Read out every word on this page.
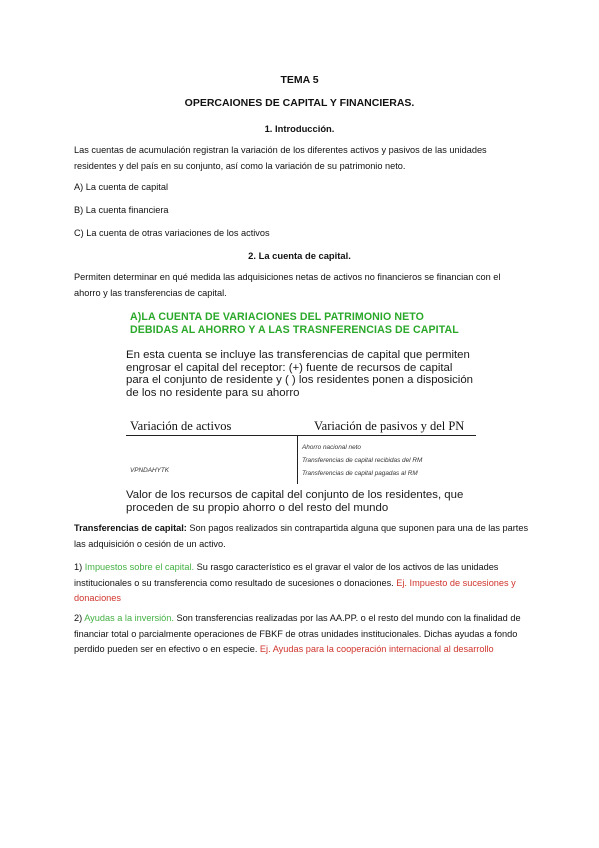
TEMA 5
OPERCAIONES DE CAPITAL Y FINANCIERAS.
1. Introducción.
Las cuentas de acumulación registran la variación de los diferentes activos y pasivos de las unidades residentes y del país en su conjunto, así como la variación de su patrimonio neto.
A) La cuenta de capital
B) La cuenta financiera
C) La cuenta de otras variaciones de los activos
2. La cuenta de capital.
Permiten determinar en qué medida las adquisiciones netas de activos no financieros se financian con el ahorro y las transferencias de capital.
A)LA CUENTA DE VARIACIONES DEL PATRIMONIO NETO
DEBIDAS AL AHORRO Y A LAS TRASNFERENCIAS DE CAPITAL
En esta cuenta se incluye las transferencias de capital que permiten engrosar el capital del receptor: (+) fuente de recursos de capital para el conjunto de residente y ( ) los residentes ponen a disposición de los no residente para su ahorro
Variación de activos	Variación de pasivos y del PN
Ahorro nacional neto
Transferencias de capital recibidas del RM
Transferencias de capital pagadas al RM
VPNDAHYTK
Valor de los recursos de capital del conjunto de los residentes, que proceden de su propio ahorro o del resto del mundo
Transferencias de capital: Son pagos realizados sin contrapartida alguna que suponen para una de las partes las adquisición o cesión de un activo.
1) Impuestos sobre el capital. Su rasgo característico es el gravar el valor de los activos de las unidades institucionales o su transferencia como resultado de sucesiones o donaciones. Ej. Impuesto de sucesiones y donaciones
2) Ayudas a la inversión. Son transferencias realizadas por las AA.PP. o el resto del mundo con la finalidad de financiar total o parcialmente operaciones de FBKF de otras unidades institucionales. Dichas ayudas a fondo perdido pueden ser en efectivo o en especie. Ej. Ayudas para la cooperación internacional al desarrollo
